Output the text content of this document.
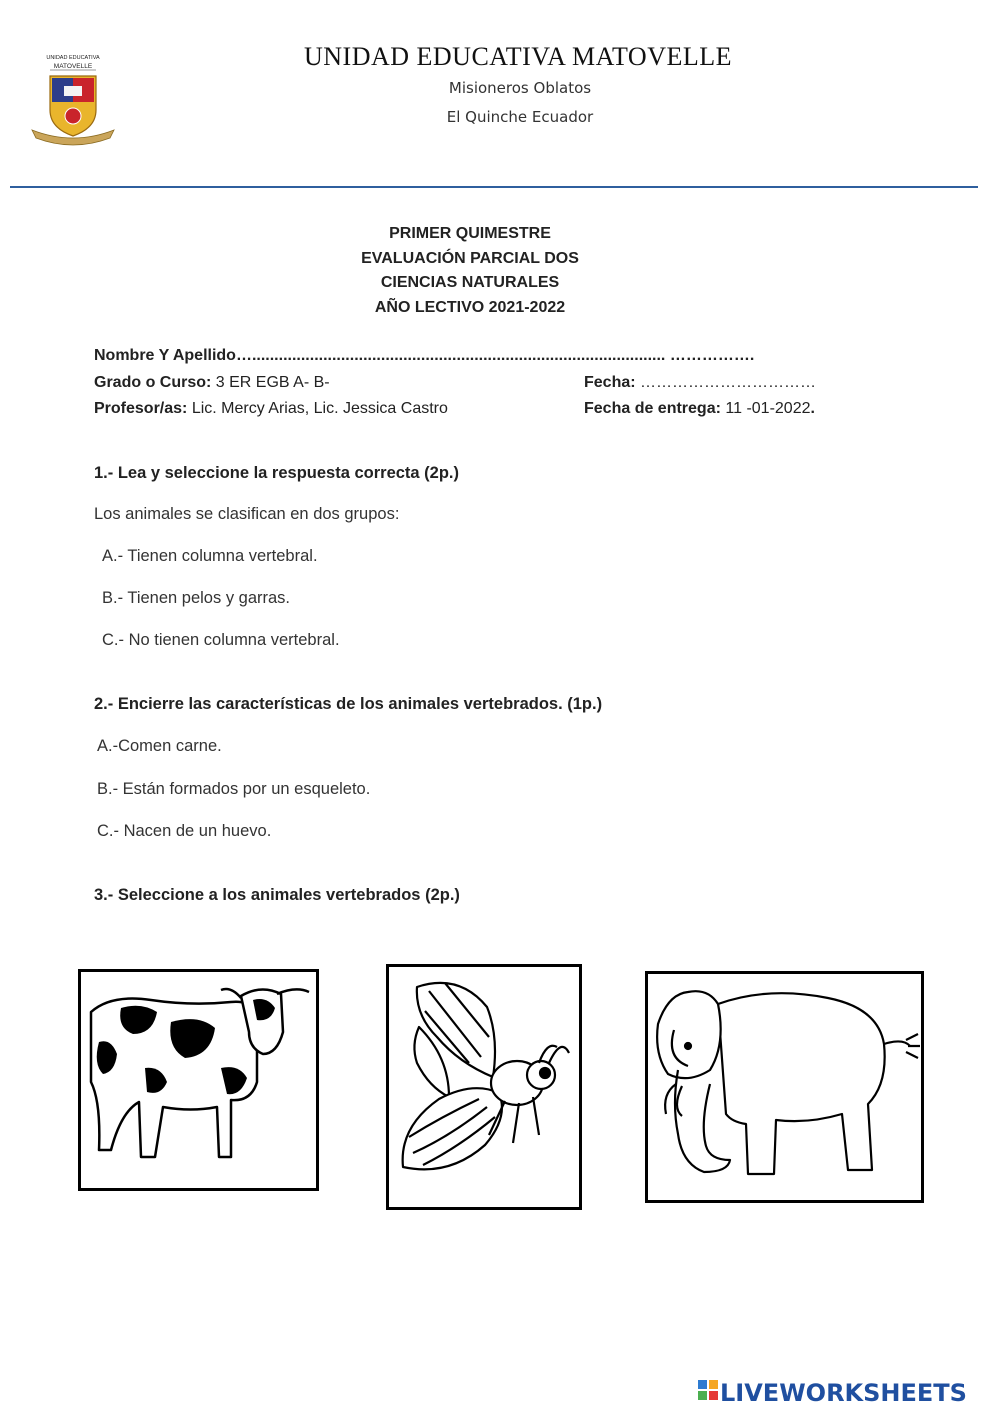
UNIDAD EDUCATIVA
MATOVELLE	UNIDAD EDUCATIVA MATOVELLE
Misioneros Oblatos
El Quinche Ecuador
PRIMER QUIMESTRE
EVALUACIÓN PARCIAL DOS
CIENCIAS NATURALES
AÑO LECTIVO 2021-2022
Nombre Y Apellido…............................................................................................. …………….
Grado o Curso: 3 ER EGB A- B-	Fecha: ……………………………
Profesor/as: Lic. Mercy Arias, Lic. Jessica Castro	Fecha de entrega: 11 -01-2022.
1.- Lea y seleccione la respuesta correcta (2p.)
Los animales se clasifican en dos grupos:
A.- Tienen columna vertebral.
B.- Tienen pelos y garras.
C.- No tienen columna vertebral.
2.- Encierre las características de los animales vertebrados. (1p.)
A.-Comen carne.
B.- Están formados por un esqueleto.
C.- Nacen de un huevo.
3.- Seleccione a los animales vertebrados (2p.)
LIVEWORKSHEETS
